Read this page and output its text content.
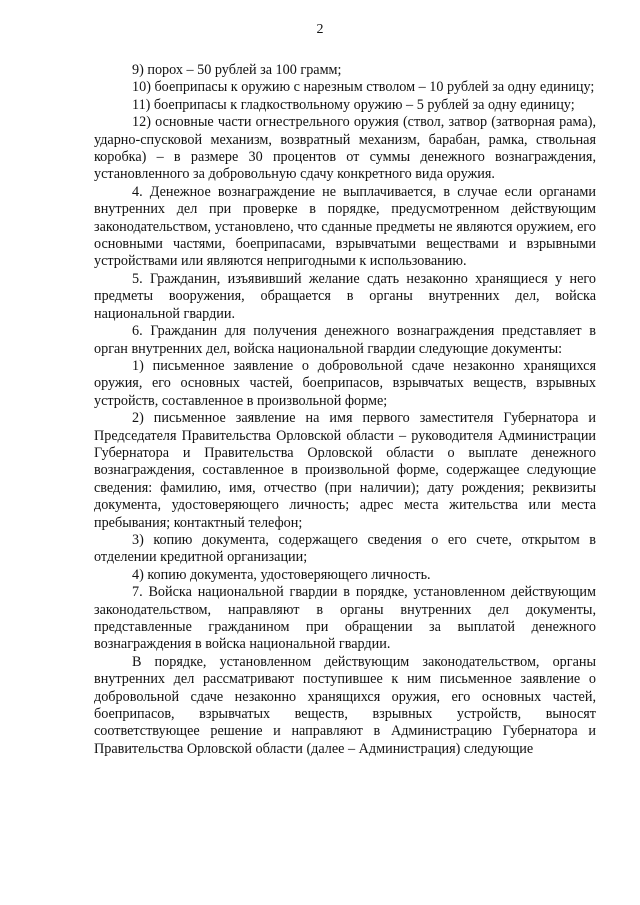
2

9) порох – 50 рублей за 100 грамм;

10) боеприпасы к оружию с нарезным стволом – 10 рублей за одну единицу;

11) боеприпасы к гладкоствольному оружию – 5 рублей за одну единицу;

12) основные части огнестрельного оружия (ствол, затвор (затворная рама), ударно-спусковой механизм, возвратный механизм, барабан, рамка, ствольная коробка) – в размере 30 процентов от суммы денежного вознаграждения, установленного за добровольную сдачу конкретного вида оружия.

4. Денежное вознаграждение не выплачивается, в случае если органами внутренних дел при проверке в порядке, предусмотренном действующим законодательством, установлено, что сданные предметы не являются оружием, его основными частями, боеприпасами, взрывчатыми веществами и взрывными устройствами или являются непригодными к использованию.

5. Гражданин, изъявивший желание сдать незаконно хранящиеся у него предметы вооружения, обращается в органы внутренних дел, войска национальной гвардии.

6. Гражданин для получения денежного вознаграждения представляет в орган внутренних дел, войска национальной гвардии следующие документы:

1) письменное заявление о добровольной сдаче незаконно хранящихся оружия, его основных частей, боеприпасов, взрывчатых веществ, взрывных устройств, составленное в произвольной форме;

2) письменное заявление на имя первого заместителя Губернатора и Председателя Правительства Орловской области – руководителя Администрации Губернатора и Правительства Орловской области о выплате денежного вознаграждения, составленное в произвольной форме, содержащее следующие сведения: фамилию, имя, отчество (при наличии); дату рождения; реквизиты документа, удостоверяющего личность; адрес места жительства или места пребывания; контактный телефон;

3) копию документа, содержащего сведения о его счете, открытом в отделении кредитной организации;

4) копию документа, удостоверяющего личность.

7. Войска национальной гвардии в порядке, установленном действующим законодательством, направляют в органы внутренних дел документы, представленные гражданином при обращении за выплатой денежного вознаграждения в войска национальной гвардии.

В порядке, установленном действующим законодательством, органы внутренних дел рассматривают поступившее к ним письменное заявление о добровольной сдаче незаконно хранящихся оружия, его основных частей, боеприпасов, взрывчатых веществ, взрывных устройств, выносят соответствующее решение и направляют в Администрацию Губернатора и Правительства Орловской области (далее – Администрация) следующие
